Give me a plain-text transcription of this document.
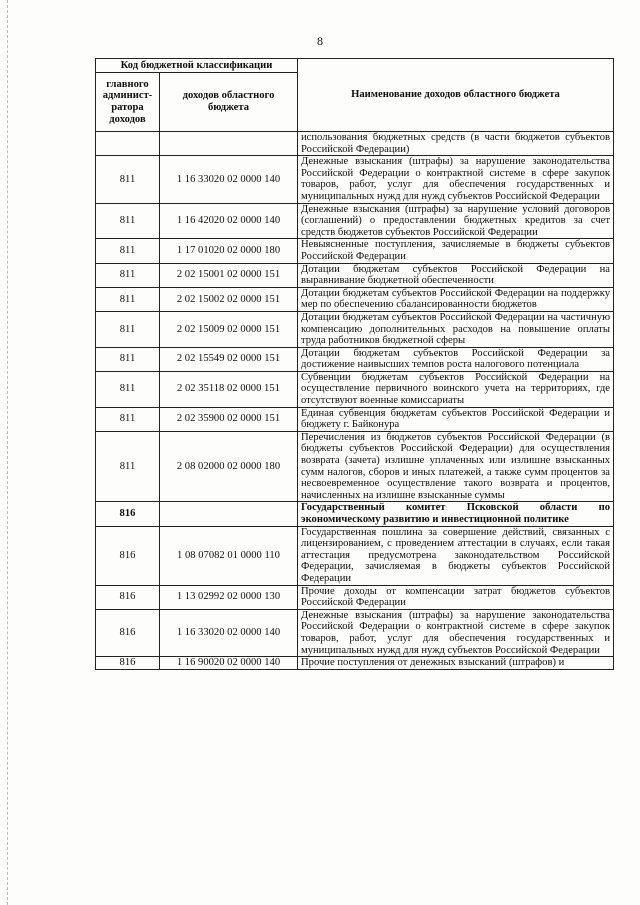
8
Код бюджетной классификации		Наименование доходов областного бюджета
главного админист-ратора доходов	доходов областного бюджета	
		использования бюджетных средств (в части бюджетов субъектов Российской Федерации)
811	1 16 33020 02 0000 140	Денежные взыскания (штрафы) за нарушение законодательства Российской Федерации о контрактной системе в сфере закупок товаров, работ, услуг для обеспечения государственных и муниципальных нужд для нужд субъектов Российской Федерации
811	1 16 42020 02 0000 140	Денежные взыскания (штрафы) за нарушение условий договоров (соглашений) о предоставлении бюджетных кредитов за счет средств бюджетов субъектов Российской Федерации
811	1 17 01020 02 0000 180	Невыясненные поступления, зачисляемые в бюджеты субъектов Российской Федерации
811	2 02 15001 02 0000 151	Дотации бюджетам субъектов Российской Федерации на выравнивание бюджетной обеспеченности
811	2 02 15002 02 0000 151	Дотации бюджетам субъектов Российской Федерации на поддержку мер по обеспечению сбалансированности бюджетов
811	2 02 15009 02 0000 151	Дотации бюджетам субъектов Российской Федерации на частичную компенсацию дополнительных расходов на повышение оплаты труда работников бюджетной сферы
811	2 02 15549 02 0000 151	Дотации бюджетам субъектов Российской Федерации за достижение наивысших темпов роста налогового потенциала
811	2 02 35118 02 0000 151	Субвенции бюджетам субъектов Российской Федерации на осуществление первичного воинского учета на территориях, где отсутствуют военные комиссариаты
811	2 02 35900 02 0000 151	Единая субвенция бюджетам субъектов Российской Федерации и бюджету г. Байконура
811	2 08 02000 02 0000 180	Перечисления из бюджетов субъектов Российской Федерации (в бюджеты субъектов Российской Федерации) для осуществления возврата (зачета) излишне уплаченных или излишне взысканных сумм налогов, сборов и иных платежей, а также сумм процентов за несвоевременное осуществление такого возврата и процентов, начисленных на излишне взысканные суммы
816		Государственный комитет Псковской области по экономическому развитию и инвестиционной политике
816	1 08 07082 01 0000 110	Государственная пошлина за совершение действий, связанных с лицензированием, с проведением аттестации в случаях, если такая аттестация предусмотрена законодательством Российской Федерации, зачисляемая в бюджеты субъектов Российской Федерации
816	1 13 02992 02 0000 130	Прочие доходы от компенсации затрат бюджетов субъектов Российской Федерации
816	1 16 33020 02 0000 140	Денежные взыскания (штрафы) за нарушение законодательства Российской Федерации о контрактной системе в сфере закупок товаров, работ, услуг для обеспечения государственных и муниципальных нужд для нужд субъектов Российской Федерации
816	1 16 90020 02 0000 140	Прочие поступления от денежных взысканий (штрафов) и
